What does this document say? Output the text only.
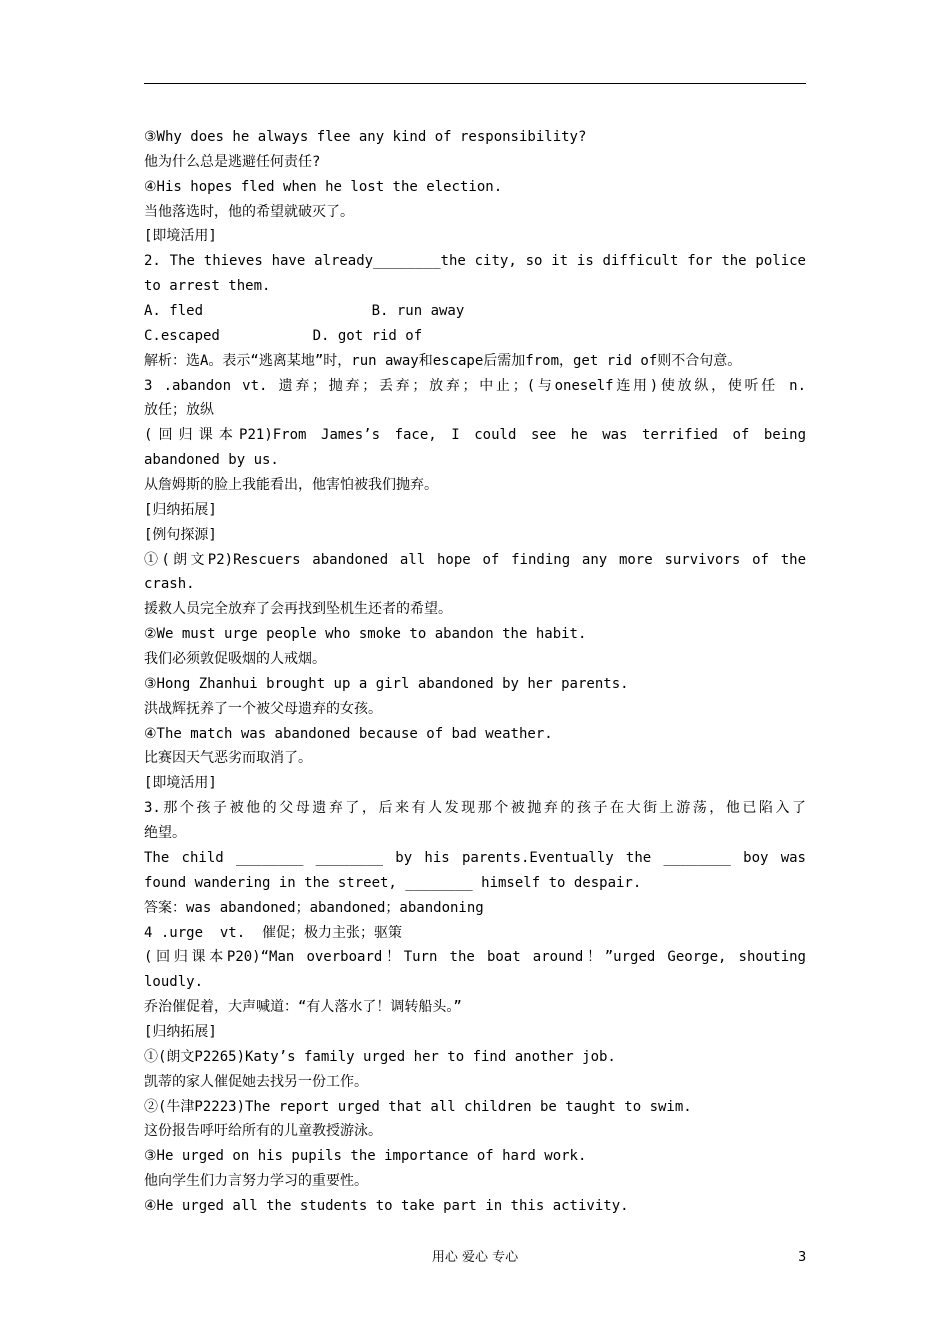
③Why does he always flee any kind of responsibility?
他为什么总是逃避任何责任?
④His hopes fled when he lost the election.
当他落选时，他的希望就破灭了。
[即境活用]
2. The thieves have already________the city, so it is difficult for the police
to arrest them.
A. fled                    B. run away
C.escaped           D. got rid of
解析：选A。表示“逃离某地”时，run away和escape后需加from，get rid of则不合句意。
3 .abandon vt. 遗弃；抛弃；丢弃；放弃；中止；(与oneself连用)使放纵，使听任 n.
放任；放纵
(回归课本P21)From James’s face, I could see he was terrified of being
abandoned by us.
从詹姆斯的脸上我能看出，他害怕被我们抛弃。
[归纳拓展]
[例句探源]
①(朗文P2)Rescuers abandoned all hope of finding any more survivors of the
crash.
援救人员完全放弃了会再找到坠机生还者的希望。
②We must urge people who smoke to abandon the habit.
我们必须敦促吸烟的人戒烟。
③Hong Zhanhui brought up a girl abandoned by her parents.
洪战辉抚养了一个被父母遗弃的女孩。
④The match was abandoned because of bad weather.
比赛因天气恶劣而取消了。
[即境活用]
3.那个孩子被他的父母遗弃了，后来有人发现那个被抛弃的孩子在大街上游荡，他已陷入了
绝望。
The child ________ ________ by his parents.Eventually the ________ boy was
found wandering in the street, ________ himself to despair.
答案：was abandoned；abandoned；abandoning
4 .urge  vt.  催促；极力主张；驱策
(回归课本P20)“Man overboard！Turn the boat around！”urged George, shouting
loudly.
乔治催促着，大声喊道：“有人落水了！调转船头。”
[归纳拓展]
①(朗文P2265)Katy’s family urged her to find another job.
凯蒂的家人催促她去找另一份工作。
②(牛津P2223)The report urged that all children be taught to swim.
这份报告呼吁给所有的儿童教授游泳。
③He urged on his pupils the importance of hard work.
他向学生们力言努力学习的重要性。
④He urged all the students to take part in this activity.
用心 爱心 专心	3
